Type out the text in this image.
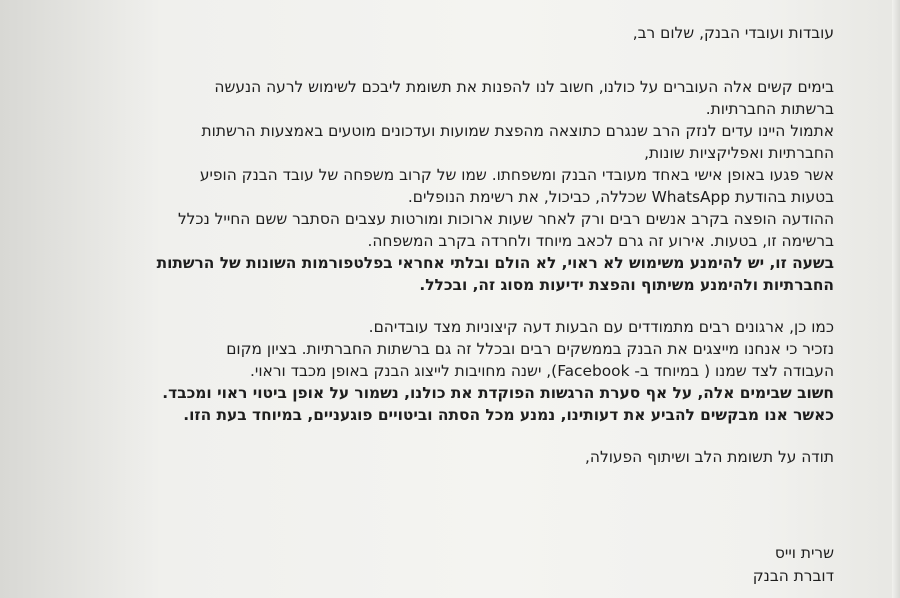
עובדות ועובדי הבנק, שלום רב,
בימים קשים אלה העוברים על כולנו, חשוב לנו להפנות את תשומת ליבכם לשימוש לרעה הנעשה
ברשתות החברתיות.
אתמול היינו עדים לנזק הרב שנגרם כתוצאה מהפצת שמועות ועדכונים מוטעים באמצעות הרשתות
החברתיות ואפליקציות שונות,
אשר פגעו באופן אישי באחד מעובדי הבנק ומשפחתו. שמו של קרוב משפחה של עובד הבנק הופיע
בטעות בהודעת WhatsApp שכללה, כביכול, את רשימת הנופלים.
ההודעה הופצה בקרב אנשים רבים ורק לאחר שעות ארוכות ומורטות עצבים הסתבר ששם החייל נכלל
ברשימה זו, בטעות. אירוע זה גרם לכאב מיוחד ולחרדה בקרב המשפחה.
בשעה זו, יש להימנע משימוש לא ראוי, לא הולם ובלתי אחראי בפלטפורמות השונות של הרשתות
החברתיות ולהימנע משיתוף והפצת ידיעות מסוג זה, ובכלל.
כמו כן, ארגונים רבים מתמודדים עם הבעות דעה קיצוניות מצד עובדיהם.
נזכיר כי אנחנו מייצגים את הבנק בממשקים רבים ובכלל זה גם ברשתות החברתיות. בציון מקום
העבודה לצד שמנו ( במיוחד ב- Facebook), ישנה מחויבות לייצוג הבנק באופן מכבד וראוי.
חשוב שבימים אלה, על אף סערת הרגשות הפוקדת את כולנו, נשמור על אופן ביטוי ראוי ומכבד.
כאשר אנו מבקשים להביע את דעותינו, נמנע מכל הסתה וביטויים פוגעניים, במיוחד בעת הזו.
תודה על תשומת הלב ושיתוף הפעולה,
שרית וייס
דוברת הבנק
